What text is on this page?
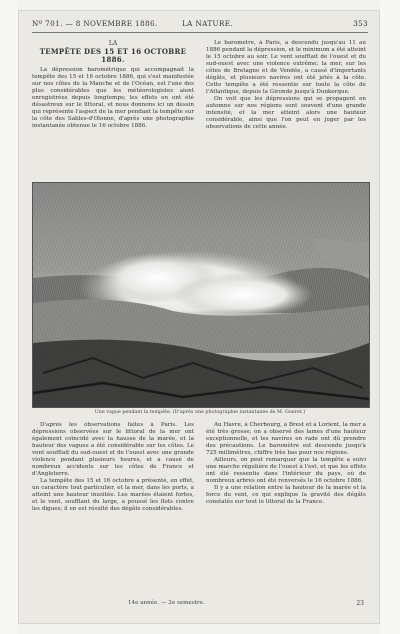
Nº 701. — 8 NOVEMBRE 1886.	LA NATURE.	353
LA
TEMPÊTE DES 15 ET 16 OCTOBRE 1886.

La dépression barométrique qui accompagnait la tempête des 15 et 16 octobre 1886, qui s'est manifestée sur nos côtes de la Manche et de l'Océan, est l'une des plus considérables que les météorologistes aient enregistrées depuis longtemps; les effets en ont été désastreux sur le littoral, et nous donnons ici un dessin qui représente l'aspect de la mer pendant la tempête sur la côte des Sables-d'Olonne, d'après une photographie instantanée obtenue le 16 octobre 1886.

Le baromètre, à Paris, a descendu jusqu'au 11 au 1886 pendant la dépression, et le minimum a été atteint le 15 octobre au soir. Le vent soufflait de l'ouest et du sud-ouest avec une violence extrême; la mer, sur les côtes de Bretagne et de Vendée, a causé d'importants dégâts, et plusieurs navires ont été jetés à la côte. Cette tempête a été ressentie sur toute la côte de l'Atlantique, depuis la Gironde jusqu'à Dunkerque.

On voit que les dépressions qui se propagent en automne sur nos régions sont souvent d'une grande intensité, et la mer atteint alors une hauteur considérable, ainsi que l'on peut en juger par les observations de cette année.

Une vague pendant la tempête. (D'après une photographie instantanée de M. Gueret.)

D'après les observations faites à Paris. Les dépressions observées sur le littoral de la mer ont également coïncidé avec la hausse de la marée, et la hauteur des vagues a été considérable sur les côtes. Le vent soufflait du sud-ouest et de l'ouest avec une grande violence pendant plusieurs heures, et a causé de nombreux accidents sur les côtes de France et d'Angleterre.

La tempête des 15 et 16 octobre a présenté, en effet, un caractère tout particulier, et la mer, dans les ports, a atteint une hauteur inusitée. Les marées étaient fortes, et le vent, soufflant du large, a poussé les flots contre les digues; il en est résulté des dégâts considérables.

Au Havre, à Cherbourg, à Brest et à Lorient, la mer a été très grosse; on a observé des lames d'une hauteur exceptionnelle, et les navires en rade ont dû prendre des précautions. Le baromètre est descendu jusqu'à 725 millimètres, chiffre très bas pour nos régions.

Ailleurs, on peut remarquer que la tempête a suivi une marche régulière de l'ouest à l'est, et que les effets ont été ressentis dans l'intérieur du pays, où de nombreux arbres ont été renversés le 16 octobre 1886.

Il y a une relation entre la hauteur de la marée et la force du vent, ce qui explique la gravité des dégâts constatés sur tout le littoral de la France.

14e année. — 2e semestre.	23
